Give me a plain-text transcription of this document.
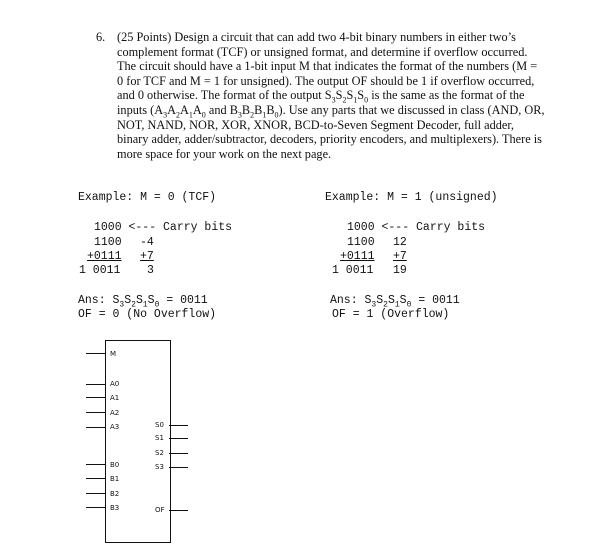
6. (25 Points) Design a circuit that can add two 4-bit binary numbers in either two’s complement format (TCF) or unsigned format, and determine if overflow occurred. The circuit should have a 1-bit input M that indicates the format of the numbers (M = 0 for TCF and M = 1 for unsigned). The output OF should be 1 if overflow occurred, and 0 otherwise. The format of the output $S_3S_2S_1S_0$ is the same as the format of the inputs ($A_3A_2A_1A_0$ and $B_3B_2B_1B_0$). Use any parts that we discussed in class (AND, OR, NOT, NAND, NOR, XOR, XNOR, BCD-to-Seven Segment Decoder, full adder, binary adder, adder/subtractor, decoders, priority encoders, and multiplexers). There is more space for your work on the next page.
Example: M = 0 (TCF)
1000 <--- Carry bits
1100 -4
+0111 +7
1 0011 3
Ans: $S_3S_2S_1S_0 = 0011$
OF = 0 (No Overflow)
Example: M = 1 (unsigned)
1000 <--- Carry bits
1100 12
+0111 +7
1 0011 19
Ans: $S_3S_2S_1S_0 = 0011$
OF = 1 (Overflow)
M
A0
A1
A2
A3
B0
B1
B2
B3
S0
S1
S2
S3
OF
